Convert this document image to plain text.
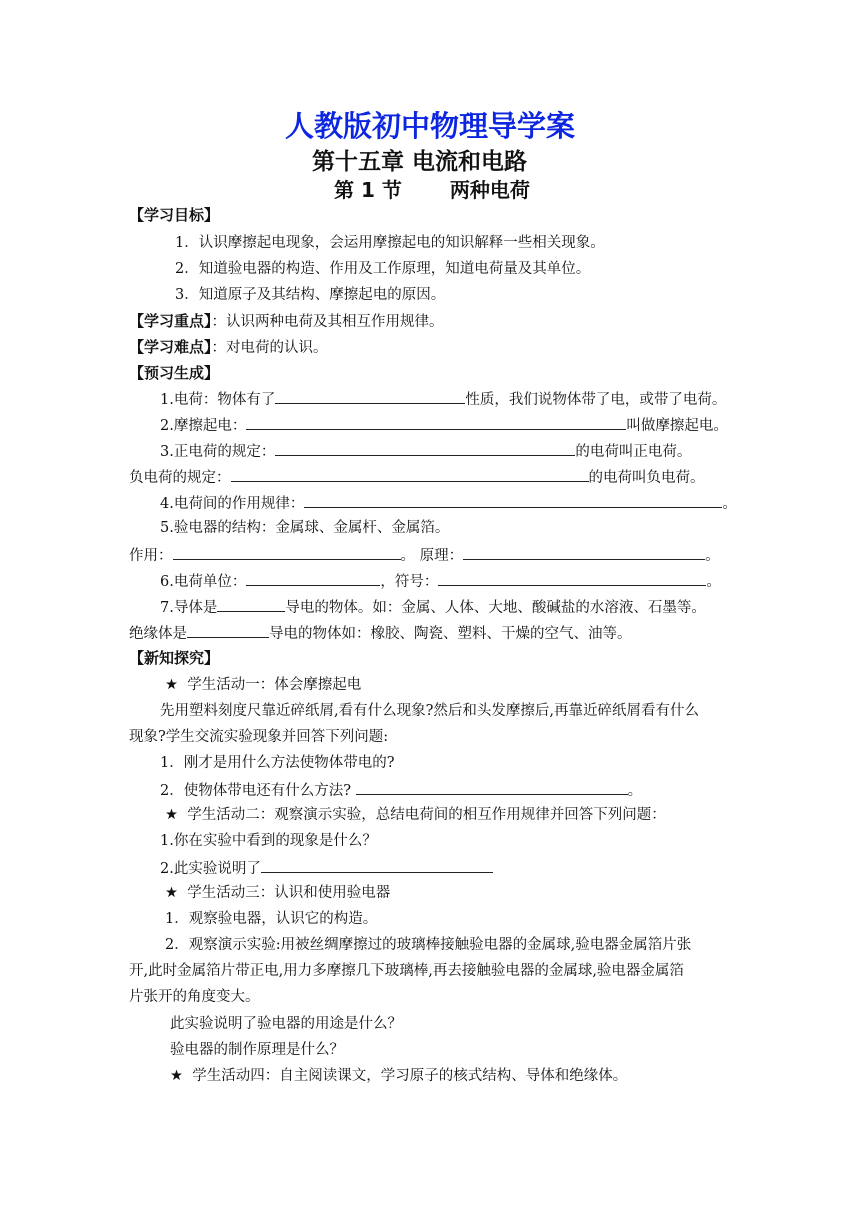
人教版初中物理导学案
第十五章 电流和电路
第 1 节 两种电荷
【学习目标】
1．认识摩擦起电现象，会运用摩擦起电的知识解释一些相关现象。
2．知道验电器的构造、作用及工作原理，知道电荷量及其单位。
3．知道原子及其结构、摩擦起电的原因。
【学习重点】：认识两种电荷及其相互作用规律。
【学习难点】：对电荷的认识。
【预习生成】
1.电荷：物体有了	性质，我们说物体带了电，或带了电荷。
2.摩擦起电：	叫做摩擦起电。
3.正电荷的规定：	的电荷叫正电荷。
负电荷的规定：	的电荷叫负电荷。
4.电荷间的作用规律：	。
5.验电器的结构：金属球、金属杆、金属箔。
作用：	。 原理：	。
6.电荷单位：	，符号：	。
7.导体是	导电的物体。如：金属、人体、大地、酸碱盐的水溶液、石墨等。
绝缘体是	导电的物体如：橡胶、陶瓷、塑料、干燥的空气、油等。
【新知探究】
★ 学生活动一：体会摩擦起电
先用塑料刻度尺靠近碎纸屑,看有什么现象?然后和头发摩擦后,再靠近碎纸屑看有什么
现象?学生交流实验现象并回答下列问题:
1．刚才是用什么方法使物体带电的?
2．使物体带电还有什么方法?	。
★ 学生活动二：观察演示实验，总结电荷间的相互作用规律并回答下列问题：
1.你在实验中看到的现象是什么？
2.此实验说明了
★ 学生活动三：认识和使用验电器
1．观察验电器，认识它的构造。
2．观察演示实验:用被丝绸摩擦过的玻璃棒接触验电器的金属球,验电器金属箔片张
开,此时金属箔片带正电,用力多摩擦几下玻璃棒,再去接触验电器的金属球,验电器金属箔
片张开的角度变大。
此实验说明了验电器的用途是什么？
验电器的制作原理是什么？
★ 学生活动四：自主阅读课文，学习原子的核式结构、导体和绝缘体。
